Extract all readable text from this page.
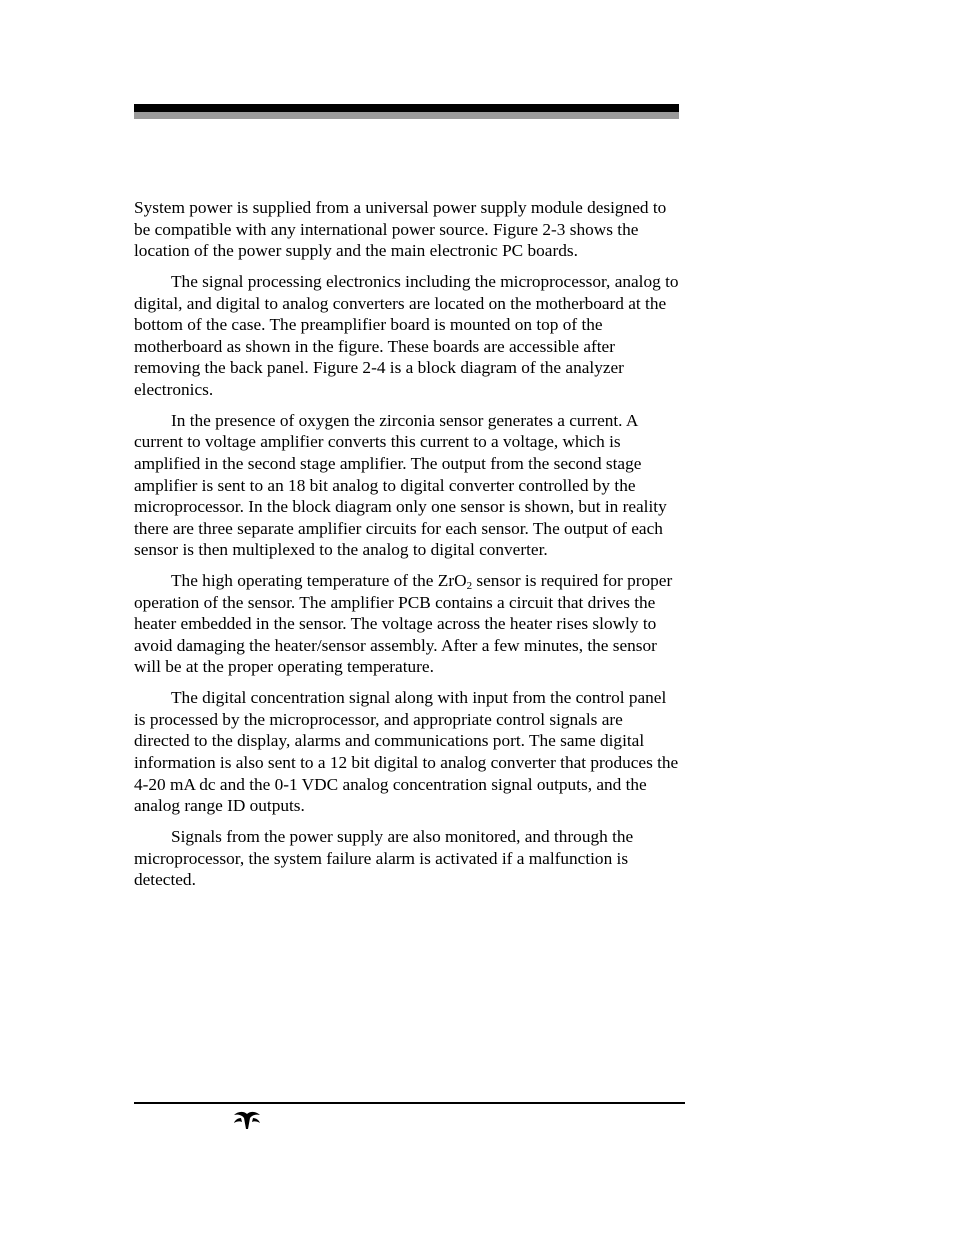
System power is supplied from a universal power supply module designed to be compatible with any international power source. Figure 2-3 shows the location of the power supply and the main electronic PC boards.

The signal processing electronics including the microprocessor, analog to digital, and digital to analog converters are located on the motherboard at the bottom of the case. The preamplifier board is mounted on top of the motherboard as shown in the figure. These boards are accessible after removing the back panel. Figure 2-4 is a block diagram of the analyzer electronics.

In the presence of oxygen the zirconia sensor generates a current. A current to voltage amplifier converts this current to a voltage, which is amplified in the second stage amplifier. The output from the second stage amplifier is sent to an 18 bit analog to digital converter controlled by the microprocessor. In the block diagram only one sensor is shown, but in reality there are three separate amplifier circuits for each sensor. The output of each sensor is then multiplexed to the analog to digital converter.

The high operating temperature of the ZrO$_2$ sensor is required for proper operation of the sensor. The amplifier PCB contains a circuit that drives the heater embedded in the sensor. The voltage across the heater rises slowly to avoid damaging the heater/sensor assembly. After a few minutes, the sensor will be at the proper operating temperature.

The digital concentration signal along with input from the control panel is processed by the microprocessor, and appropriate control signals are directed to the display, alarms and communications port. The same digital information is also sent to a 12 bit digital to analog converter that produces the 4-20 mA dc and the 0-1 VDC analog concentration signal outputs, and the analog range ID outputs.

Signals from the power supply are also monitored, and through the microprocessor, the system failure alarm is activated if a malfunction is detected.
